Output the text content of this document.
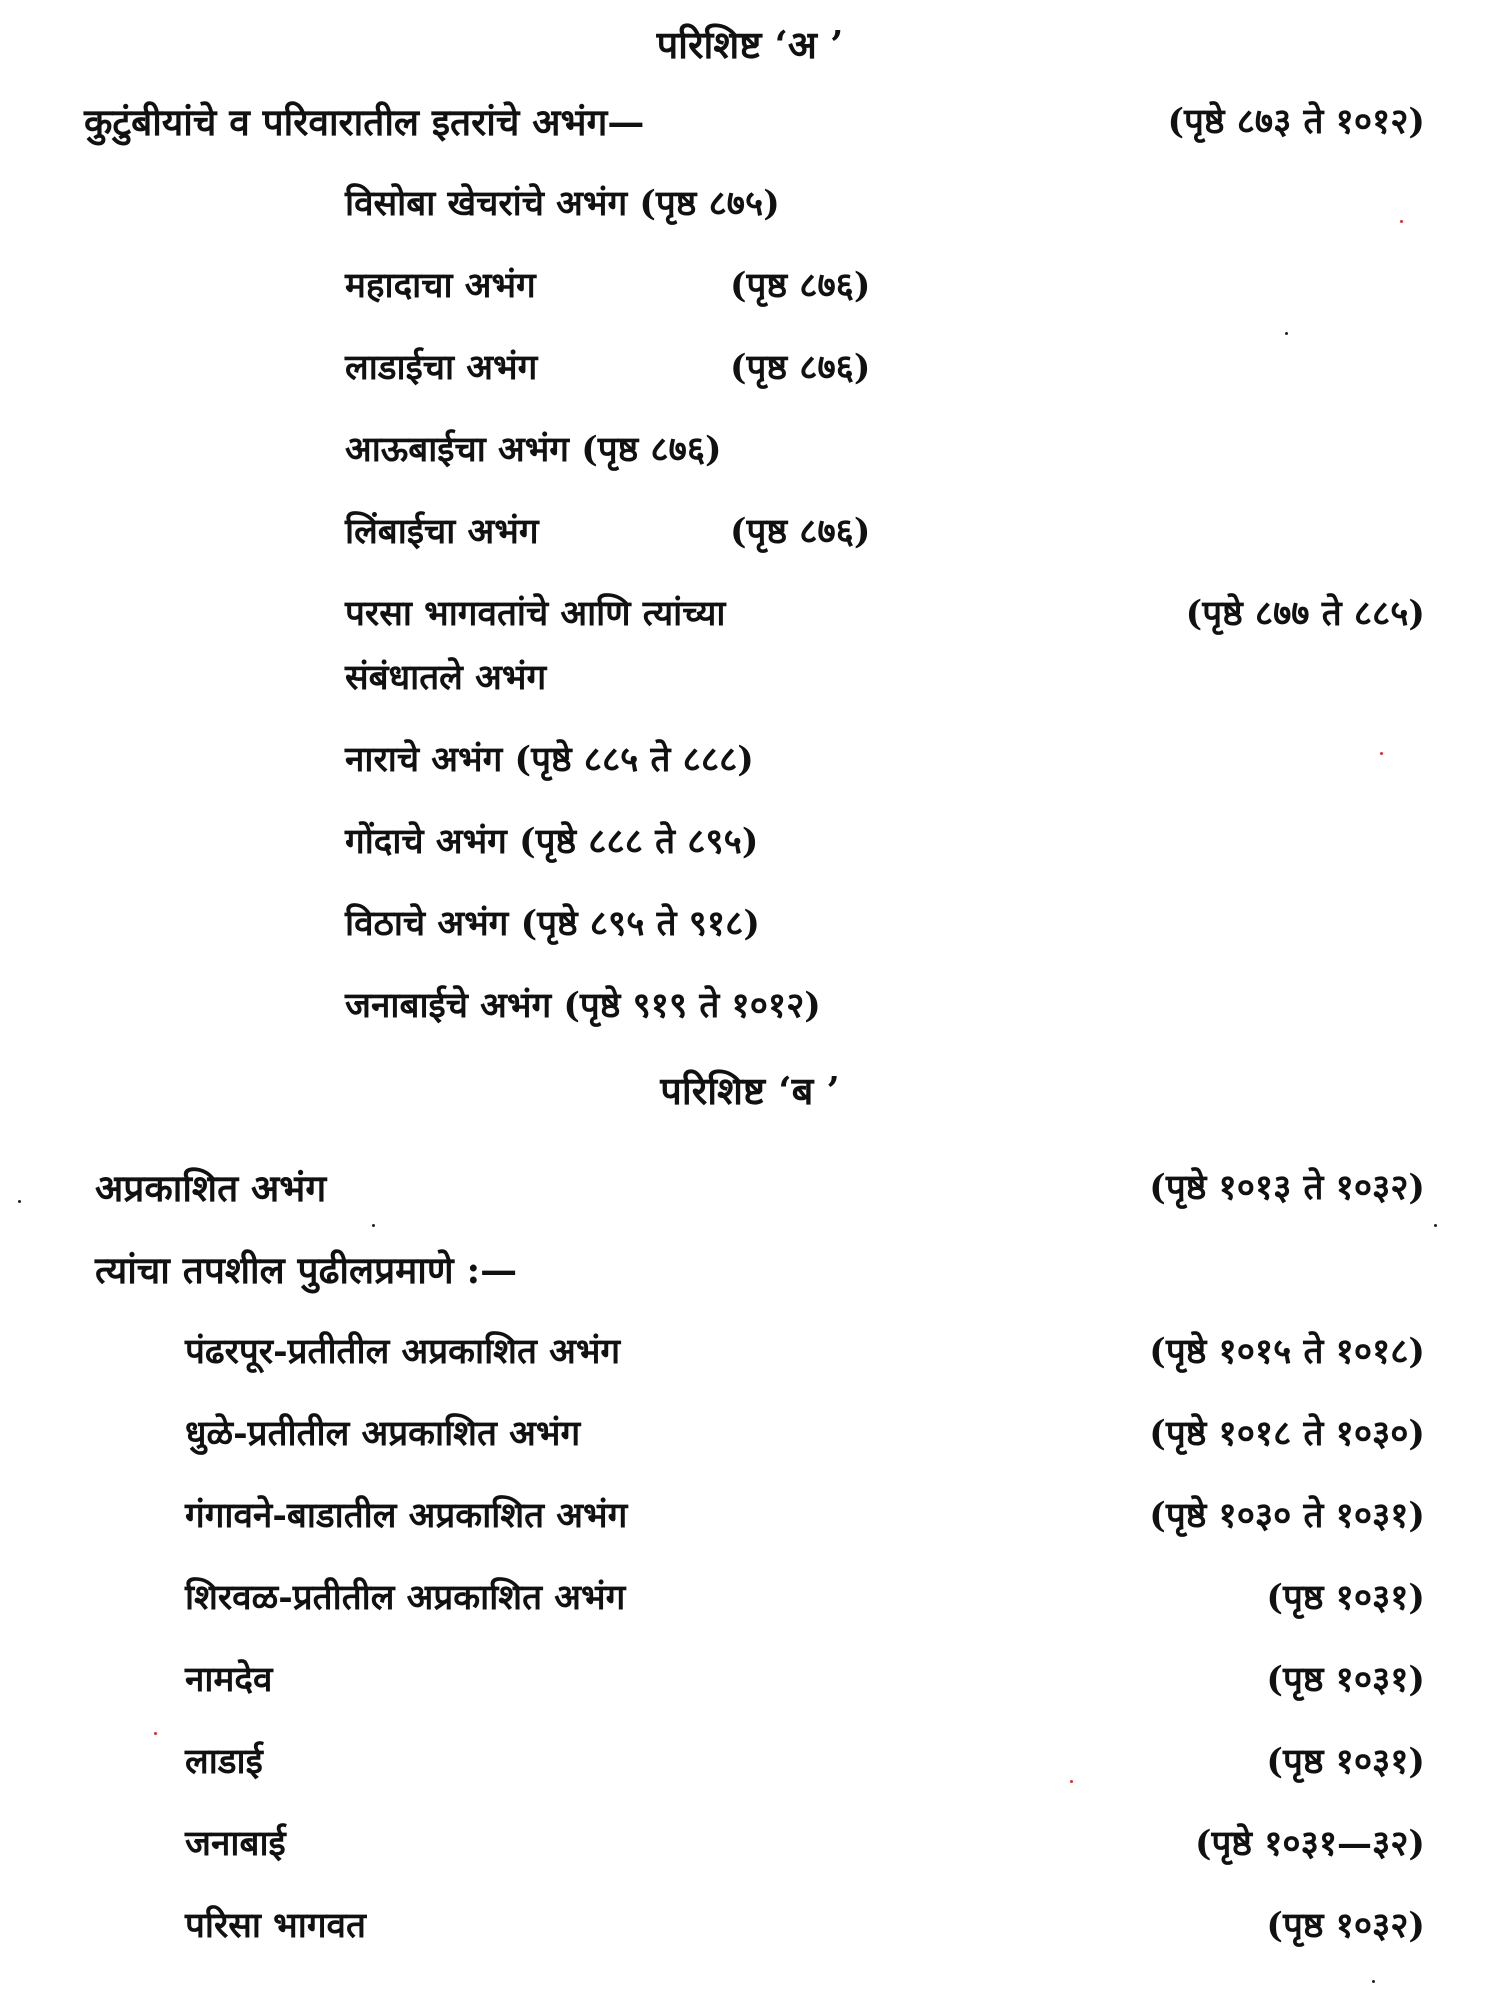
परिशिष्ट ‘अ ’
कुटुंबीयांचे व परिवारातील इतरांचे अभंग—	(पृष्ठे ८७३ ते १०१२)
विसोबा खेचरांचे अभंग (पृष्ठ ८७५)
महादाचा अभंग	(पृष्ठ ८७६)
लाडाईचा अभंग	(पृष्ठ ८७६)
आऊबाईचा अभंग (पृष्ठ ८७६)
लिंबाईचा अभंग	(पृष्ठ ८७६)
परसा भागवतांचे आणि त्यांच्या	(पृष्ठे ८७७ ते ८८५)
संबंधातले अभंग
नाराचे अभंग (पृष्ठे ८८५ ते ८८८)
गोंदाचे अभंग (पृष्ठे ८८८ ते ८९५)
विठाचे अभंग (पृष्ठे ८९५ ते ९१८)
जनाबाईचे अभंग (पृष्ठे ९१९ ते १०१२)
परिशिष्ट ‘ब ’
अप्रकाशित अभंग	(पृष्ठे १०१३ ते १०३२)
त्यांचा तपशील पुढीलप्रमाणे :—
पंढरपूर-प्रतीतील अप्रकाशित अभंग	(पृष्ठे १०१५ ते १०१८)
धुळे-प्रतीतील अप्रकाशित अभंग	(पृष्ठे १०१८ ते १०३०)
गंगावने-बाडातील अप्रकाशित अभंग	(पृष्ठे १०३० ते १०३१)
शिरवळ-प्रतीतील अप्रकाशित अभंग	(पृष्ठ १०३१)
नामदेव	(पृष्ठ १०३१)
लाडाई	(पृष्ठ १०३१)
जनाबाई	(पृष्ठे १०३१—३२)
परिसा भागवत	(पृष्ठ १०३२)
